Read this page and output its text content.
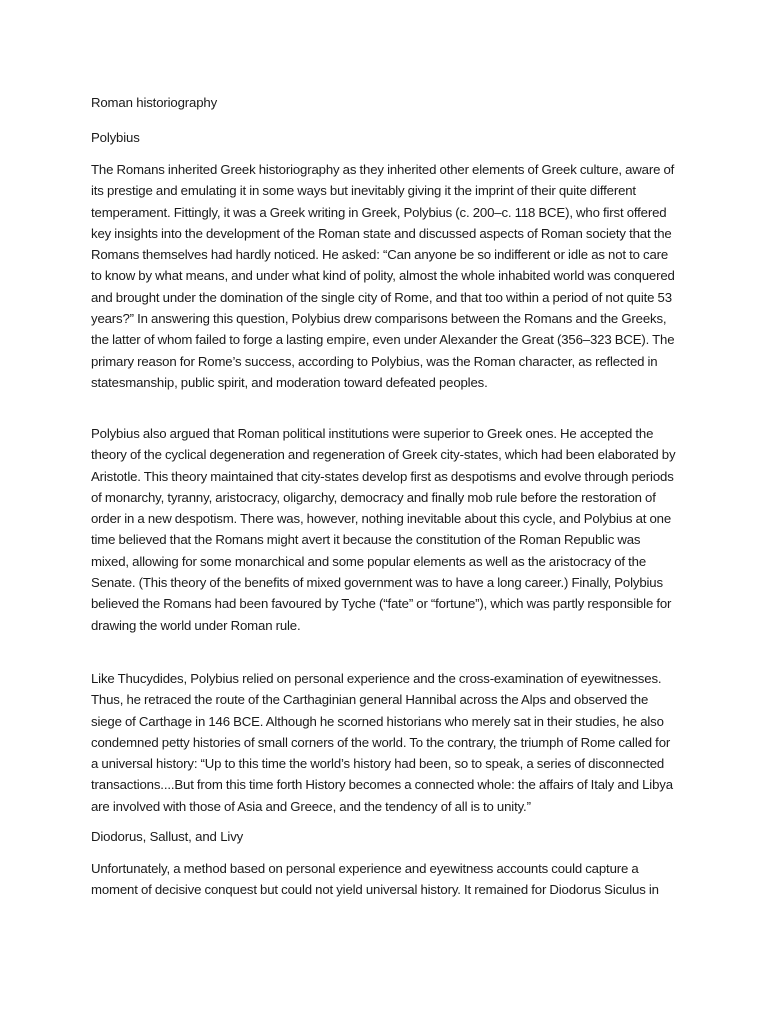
Roman historiography

Polybius

The Romans inherited Greek historiography as they inherited other elements of Greek culture, aware of its prestige and emulating it in some ways but inevitably giving it the imprint of their quite different temperament. Fittingly, it was a Greek writing in Greek, Polybius (c. 200–c. 118 BCE), who first offered key insights into the development of the Roman state and discussed aspects of Roman society that the Romans themselves had hardly noticed. He asked: “Can anyone be so indifferent or idle as not to care to know by what means, and under what kind of polity, almost the whole inhabited world was conquered and brought under the domination of the single city of Rome, and that too within a period of not quite 53 years?” In answering this question, Polybius drew comparisons between the Romans and the Greeks, the latter of whom failed to forge a lasting empire, even under Alexander the Great (356–323 BCE). The primary reason for Rome’s success, according to Polybius, was the Roman character, as reflected in statesmanship, public spirit, and moderation toward defeated peoples.

Polybius also argued that Roman political institutions were superior to Greek ones. He accepted the theory of the cyclical degeneration and regeneration of Greek city-states, which had been elaborated by Aristotle. This theory maintained that city-states develop first as despotisms and evolve through periods of monarchy, tyranny, aristocracy, oligarchy, democracy and finally mob rule before the restoration of order in a new despotism. There was, however, nothing inevitable about this cycle, and Polybius at one time believed that the Romans might avert it because the constitution of the Roman Republic was mixed, allowing for some monarchical and some popular elements as well as the aristocracy of the Senate. (This theory of the benefits of mixed government was to have a long career.) Finally, Polybius believed the Romans had been favoured by Tyche (“fate” or “fortune”), which was partly responsible for drawing the world under Roman rule.

Like Thucydides, Polybius relied on personal experience and the cross-examination of eyewitnesses. Thus, he retraced the route of the Carthaginian general Hannibal across the Alps and observed the siege of Carthage in 146 BCE. Although he scorned historians who merely sat in their studies, he also condemned petty histories of small corners of the world. To the contrary, the triumph of Rome called for a universal history: “Up to this time the world’s history had been, so to speak, a series of disconnected transactions....But from this time forth History becomes a connected whole: the affairs of Italy and Libya are involved with those of Asia and Greece, and the tendency of all is to unity.”

Diodorus, Sallust, and Livy

Unfortunately, a method based on personal experience and eyewitness accounts could capture a moment of decisive conquest but could not yield universal history. It remained for Diodorus Siculus in
